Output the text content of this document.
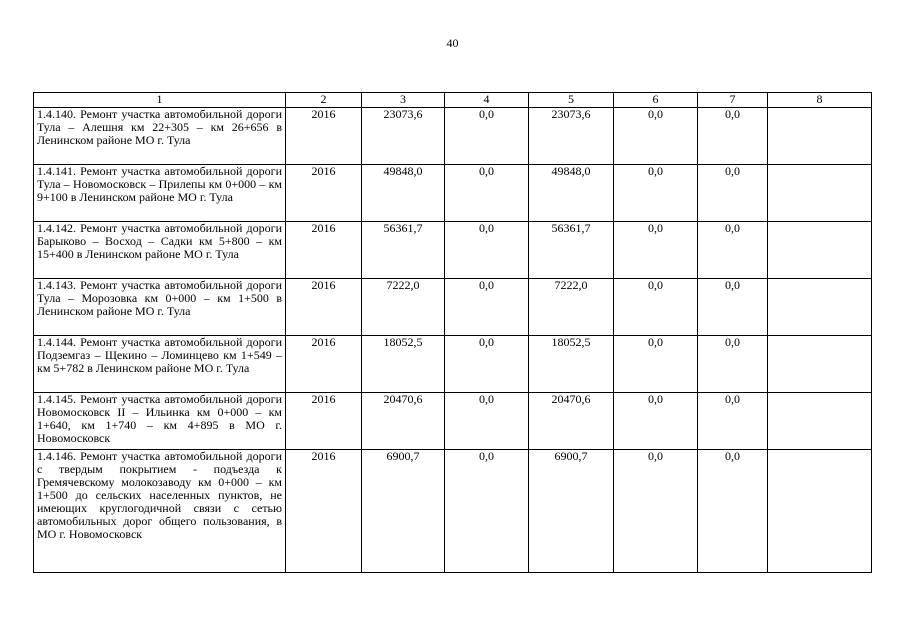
40
1	2	3	4	5	6	7	8
1.4.140. Ремонт участка автомобильной дороги Тула – Алешня км 22+305 – км 26+656 в Ленинском районе МО г. Тула	2016	23073,6	0,0	23073,6	0,0	0,0	
1.4.141. Ремонт участка автомобильной дороги Тула – Новомосковск – Прилепы км 0+000 – км 9+100 в Ленинском районе МО г. Тула	2016	49848,0	0,0	49848,0	0,0	0,0	
1.4.142. Ремонт участка автомобильной дороги Барыково – Восход – Садки км 5+800 – км 15+400 в Ленинском районе МО г. Тула	2016	56361,7	0,0	56361,7	0,0	0,0	
1.4.143. Ремонт участка автомобильной дороги Тула – Морозовка км 0+000 – км 1+500 в Ленинском районе МО г. Тула	2016	7222,0	0,0	7222,0	0,0	0,0	
1.4.144. Ремонт участка автомобильной дороги Подземгаз – Щекино – Ломинцево км 1+549 – км 5+782 в Ленинском районе МО г. Тула	2016	18052,5	0,0	18052,5	0,0	0,0	
1.4.145. Ремонт участка автомобильной дороги Новомосковск II – Ильинка км 0+000 – км 1+640, км 1+740 – км 4+895 в МО г. Новомосковск	2016	20470,6	0,0	20470,6	0,0	0,0	
1.4.146. Ремонт участка автомобильной дороги с твердым покрытием - подъезда к Гремячевскому молокозаводу км 0+000 – км 1+500 до сельских населенных пунктов, не имеющих круглогодичной связи с сетью автомобильных дорог общего пользования, в МО г. Новомосковск	2016	6900,7	0,0	6900,7	0,0	0,0	
